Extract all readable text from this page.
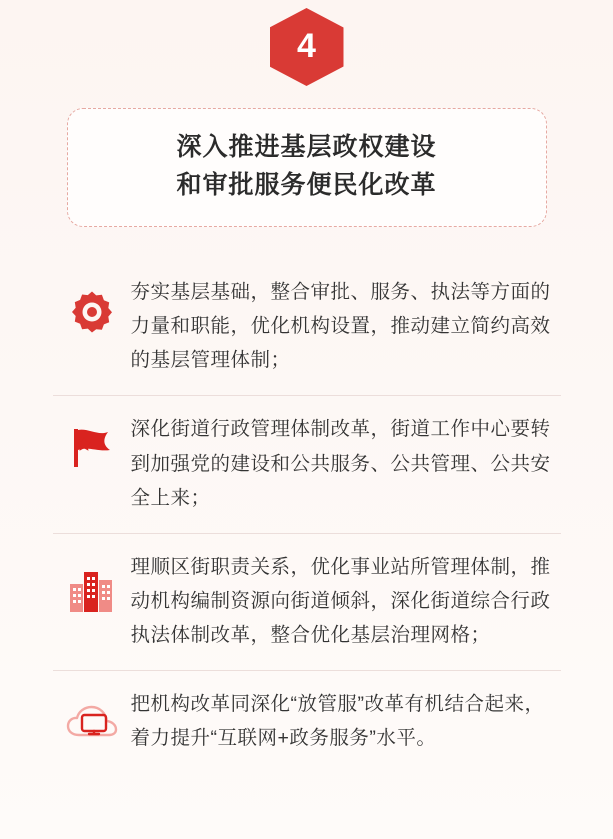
4
深入推进基层政权建设
和审批服务便民化改革
夯实基层基础，整合审批、服务、执法等方面的力量和职能，优化机构设置，推动建立简约高效的基层管理体制；
深化街道行政管理体制改革，街道工作中心要转到加强党的建设和公共服务、公共管理、公共安全上来；
理顺区街职责关系，优化事业站所管理体制，推动机构编制资源向街道倾斜，深化街道综合行政执法体制改革，整合优化基层治理网格；
把机构改革同深化“放管服”改革有机结合起来，着力提升“互联网+政务服务”水平。
